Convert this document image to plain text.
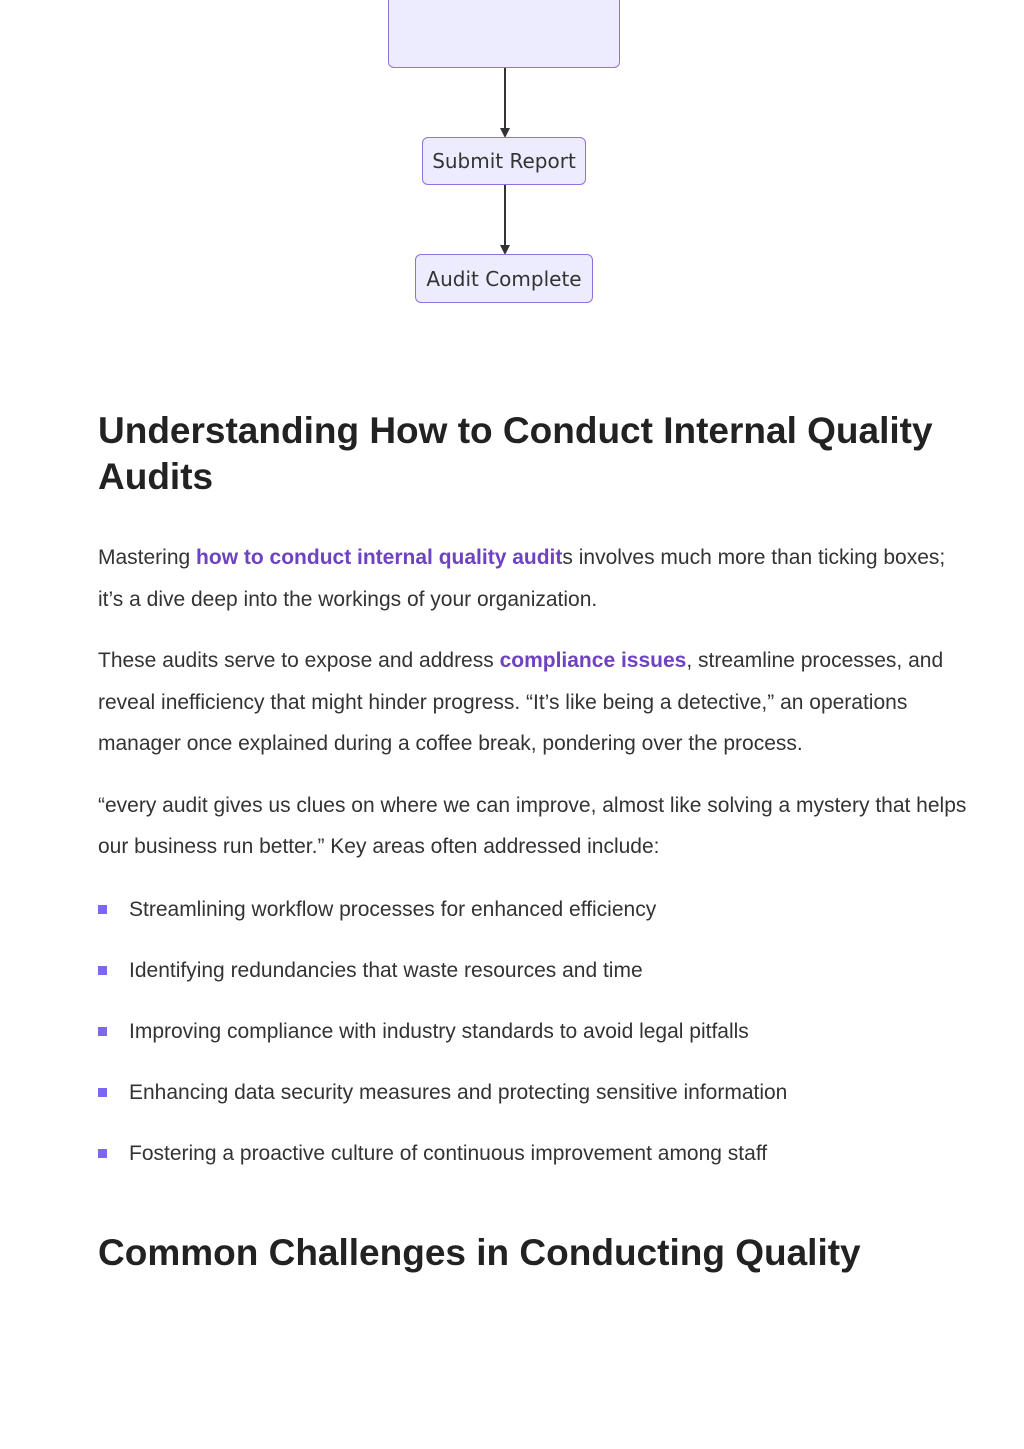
Submit Report
Audit Complete
Understanding How to Conduct Internal Quality Audits

Mastering how to conduct internal quality audits involves much more than ticking boxes; it’s a dive deep into the workings of your organization.

These audits serve to expose and address compliance issues, streamline processes, and reveal inefficiency that might hinder progress. “It’s like being a detective,” an operations manager once explained during a coffee break, pondering over the process.

“every audit gives us clues on where we can improve, almost like solving a mystery that helps our business run better.” Key areas often addressed include:

Streamlining workflow processes for enhanced efficiency
Identifying redundancies that waste resources and time
Improving compliance with industry standards to avoid legal pitfalls
Enhancing data security measures and protecting sensitive information
Fostering a proactive culture of continuous improvement among staff
Common Challenges in Conducting Quality
